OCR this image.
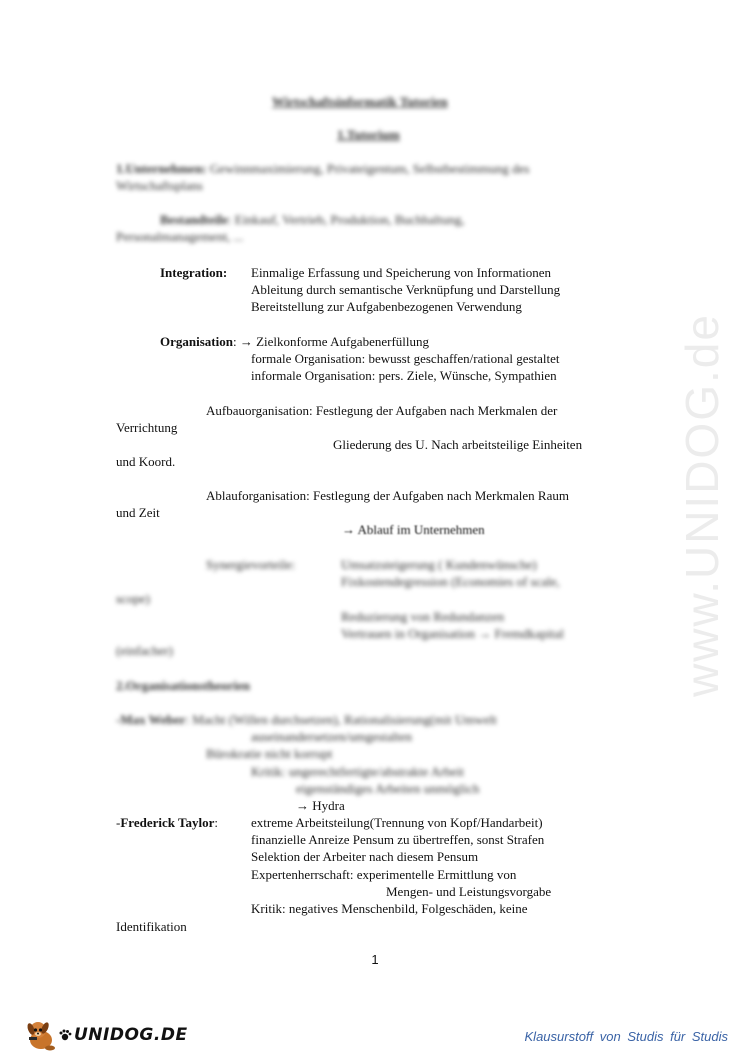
www.UNIDOG.de
Wirtschaftsinformatik Tutorien
1.Tutorium
1.Unternehmen: Gewinnmaximierung, Privateigentum, Selbstbestimmung des
Wirtschaftsplans
Bestandteile: Einkauf, Vertrieb, Produktion, Buchhaltung,
Personalmanagement, ...
Integration: Einmalige Erfassung und Speicherung von Informationen
Ableitung durch semantische Verknüpfung und Darstellung
Bereitstellung zur Aufgabenbezogenen Verwendung
Organisation: → Zielkonforme Aufgabenerfüllung
formale Organisation: bewusst geschaffen/rational gestaltet
informale Organisation: pers. Ziele, Wünsche, Sympathien
Aufbauorganisation: Festlegung der Aufgaben nach Merkmalen der
Verrichtung
Gliederung des U. Nach arbeitsteilige Einheiten
und Koord.
Ablauforganisation: Festlegung der Aufgaben nach Merkmalen Raum
und Zeit
→ Ablauf im Unternehmen
Synergievorteile:	Umsatzsteigerung ( Kundenwünsche)
Fixkostendegression (Economies of scale,
scope)
Reduzierung von Redundanzen
Vertrauen in Organisation → Fremdkapital
(einfacher)
2.Organisationstheorien
-Max Weber: Macht (Willen durchsetzen), Rationalisierung(mit Umwelt
auseinandersetzen/umgestalten
Bürokratie nicht korrupt
Kritik: ungerechtfertigte/abstrakte Arbeit
eigenständiges Arbeiten unmöglich
→ Hydra
-Frederick Taylor:	extreme Arbeitsteilung(Trennung von Kopf/Handarbeit)
finanzielle Anreize Pensum zu übertreffen, sonst Strafen
Selektion der Arbeiter nach diesem Pensum
Expertenherrschaft: experimentelle Ermittlung von
Mengen- und Leistungsvorgabe
Kritik: negatives Menschenbild, Folgeschäden, keine
Identifikation
1
UNIDOG.DE	Klausurstoff von Studis für Studis
